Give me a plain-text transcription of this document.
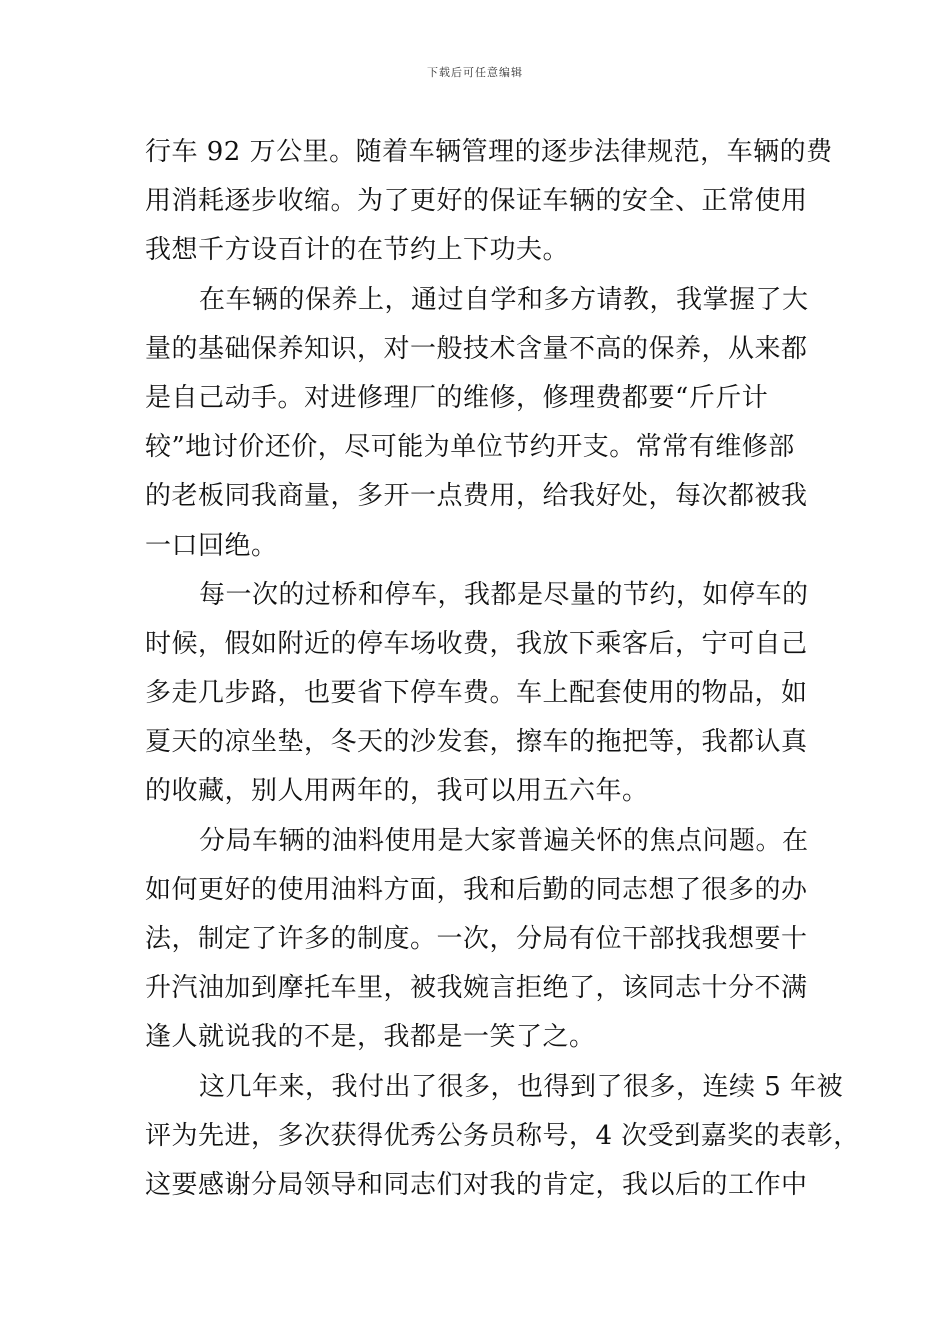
下载后可任意编辑
行车 92 万公里。随着车辆管理的逐步法律规范，车辆的费
用消耗逐步收缩。为了更好的保证车辆的安全、正常使用
我想千方设百计的在节约上下功夫。
在车辆的保养上，通过自学和多方请教，我掌握了大
量的基础保养知识，对一般技术含量不高的保养，从来都
是自己动手。对进修理厂的维修，修理费都要“斤斤计
较”地讨价还价，尽可能为单位节约开支。常常有维修部
的老板同我商量，多开一点费用，给我好处，每次都被我
一口回绝。
每一次的过桥和停车，我都是尽量的节约，如停车的
时候，假如附近的停车场收费，我放下乘客后，宁可自己
多走几步路，也要省下停车费。车上配套使用的物品，如
夏天的凉坐垫，冬天的沙发套，擦车的拖把等，我都认真
的收藏，别人用两年的，我可以用五六年。
分局车辆的油料使用是大家普遍关怀的焦点问题。在
如何更好的使用油料方面，我和后勤的同志想了很多的办
法，制定了许多的制度。一次，分局有位干部找我想要十
升汽油加到摩托车里，被我婉言拒绝了，该同志十分不满
逢人就说我的不是，我都是一笑了之。
这几年来，我付出了很多，也得到了很多，连续 5 年被
评为先进，多次获得优秀公务员称号，4 次受到嘉奖的表彰，
这要感谢分局领导和同志们对我的肯定，我以后的工作中
